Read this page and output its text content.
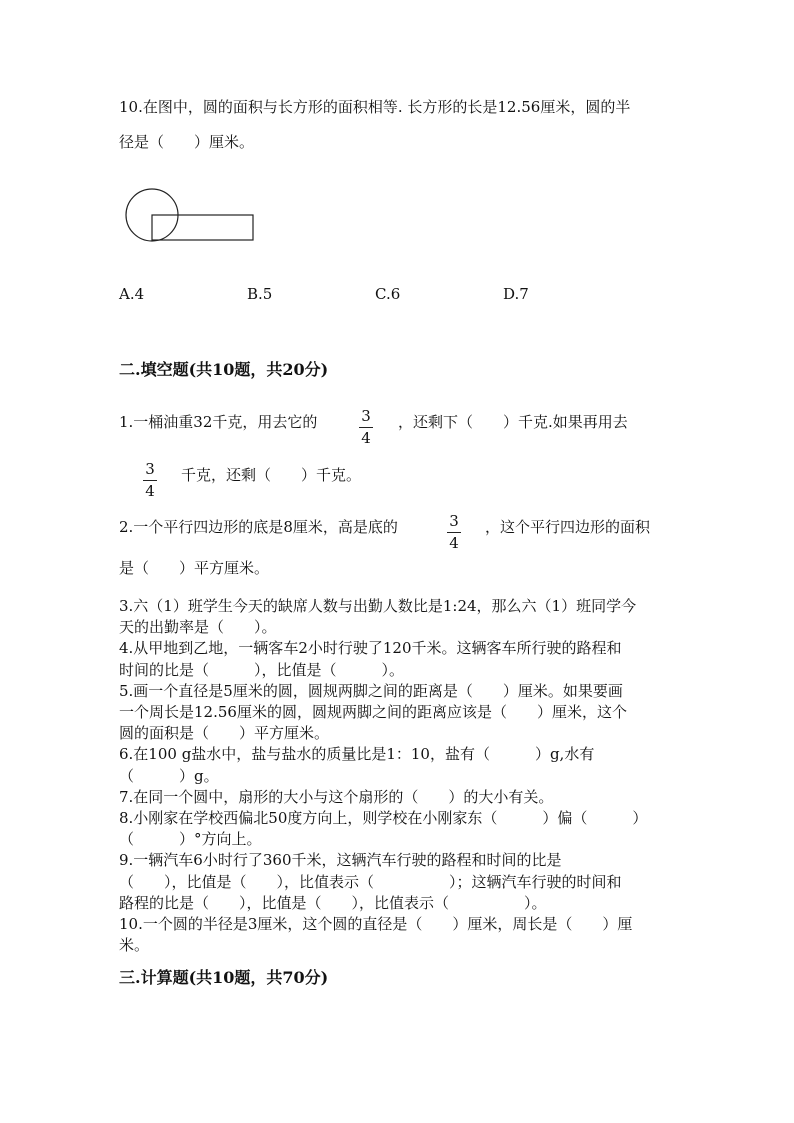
10.在图中，圆的面积与长方形的面积相等. 长方形的长是12.56厘米，圆的半
径是（　　）厘米。
A.4	B.5	C.6	D.7
二.填空题(共10题，共20分)
1.一桶油重32千克，用去它的	3
4
，还剩下（　　）千克.如果再用去
3
4
千克，还剩（　　）千克。
2.一个平行四边形的底是8厘米，高是底的	3
4
，这个平行四边形的面积
是（　　）平方厘米。
3.六（1）班学生今天的缺席人数与出勤人数比是1:24，那么六（1）班同学今
天的出勤率是（　　）。
4.从甲地到乙地，一辆客车2小时行驶了120千米。这辆客车所行驶的路程和
时间的比是（　　　），比值是（　　　）。
5.画一个直径是5厘米的圆，圆规两脚之间的距离是（　　）厘米。如果要画
一个周长是12.56厘米的圆，圆规两脚之间的距离应该是（　　）厘米，这个
圆的面积是（　　）平方厘米。
6.在100 g盐水中，盐与盐水的质量比是1：10，盐有（　　　）g,水有
（　　　）g。
7.在同一个圆中，扇形的大小与这个扇形的（　　）的大小有关。
8.小刚家在学校西偏北50度方向上，则学校在小刚家东（　　　）偏（　　　）
（　　　）°方向上。
9.一辆汽车6小时行了360千米，这辆汽车行驶的路程和时间的比是
（　　），比值是（　　），比值表示（　　　　　）；这辆汽车行驶的时间和
路程的比是（　　），比值是（　　），比值表示（　　　　　）。
10.一个圆的半径是3厘米，这个圆的直径是（　　）厘米，周长是（　　）厘
米。
三.计算题(共10题，共70分)
